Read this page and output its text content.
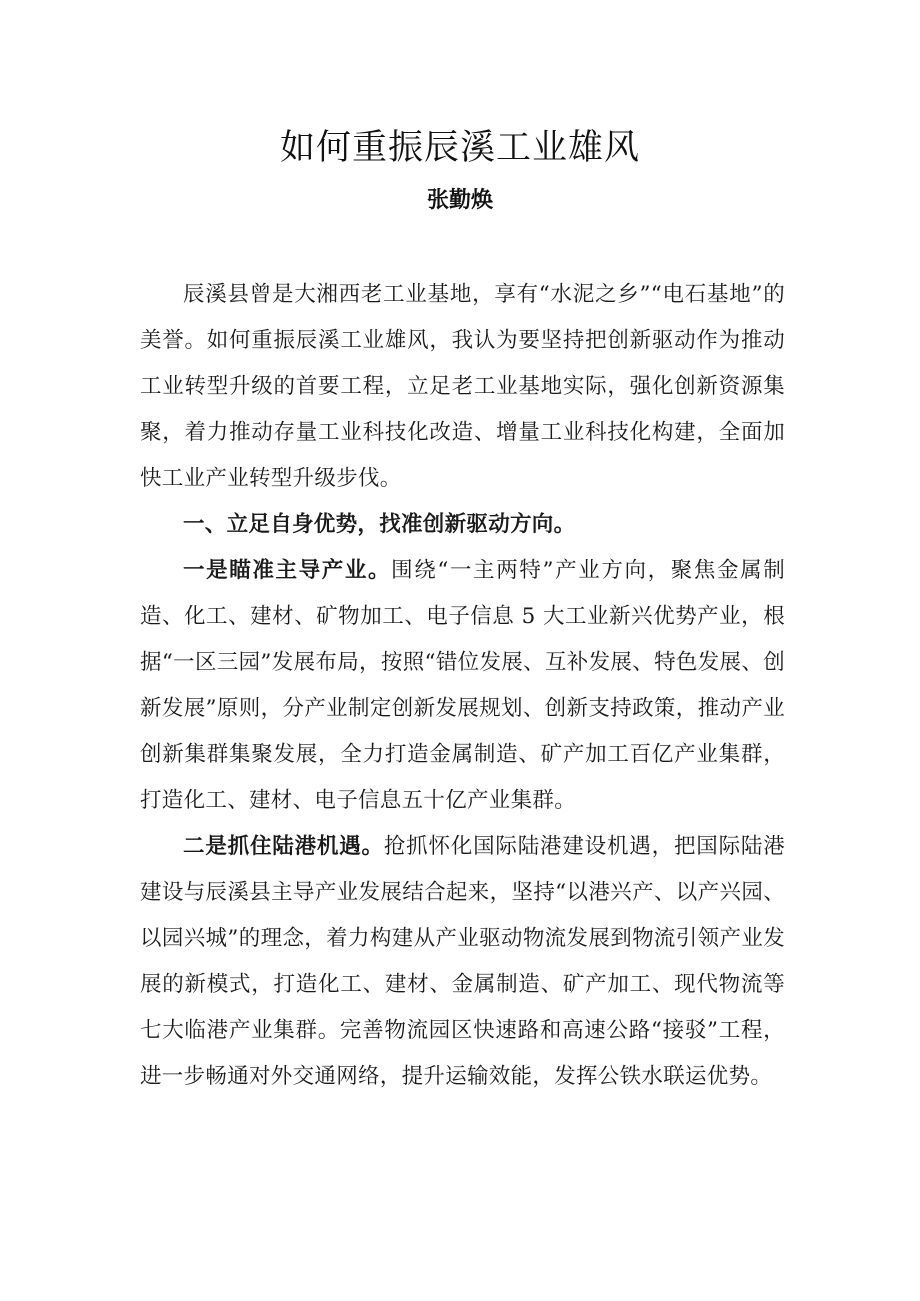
如何重振辰溪工业雄风
张勤焕

辰溪县曾是大湘西老工业基地，享有“水泥之乡”“电石基地”的美誉。如何重振辰溪工业雄风，我认为要坚持把创新驱动作为推动工业转型升级的首要工程，立足老工业基地实际，强化创新资源集聚，着力推动存量工业科技化改造、增量工业科技化构建，全面加快工业产业转型升级步伐。

一、立足自身优势，找准创新驱动方向。

一是瞄准主导产业。围绕“一主两特”产业方向，聚焦金属制造、化工、建材、矿物加工、电子信息 5 大工业新兴优势产业，根据“一区三园”发展布局，按照“错位发展、互补发展、特色发展、创新发展”原则，分产业制定创新发展规划、创新支持政策，推动产业创新集群集聚发展，全力打造金属制造、矿产加工百亿产业集群，打造化工、建材、电子信息五十亿产业集群。

二是抓住陆港机遇。抢抓怀化国际陆港建设机遇，把国际陆港建设与辰溪县主导产业发展结合起来，坚持“以港兴产、以产兴园、以园兴城”的理念，着力构建从产业驱动物流发展到物流引领产业发展的新模式，打造化工、建材、金属制造、矿产加工、现代物流等七大临港产业集群。完善物流园区快速路和高速公路“接驳”工程，进一步畅通对外交通网络，提升运输效能，发挥公铁水联运优势。
